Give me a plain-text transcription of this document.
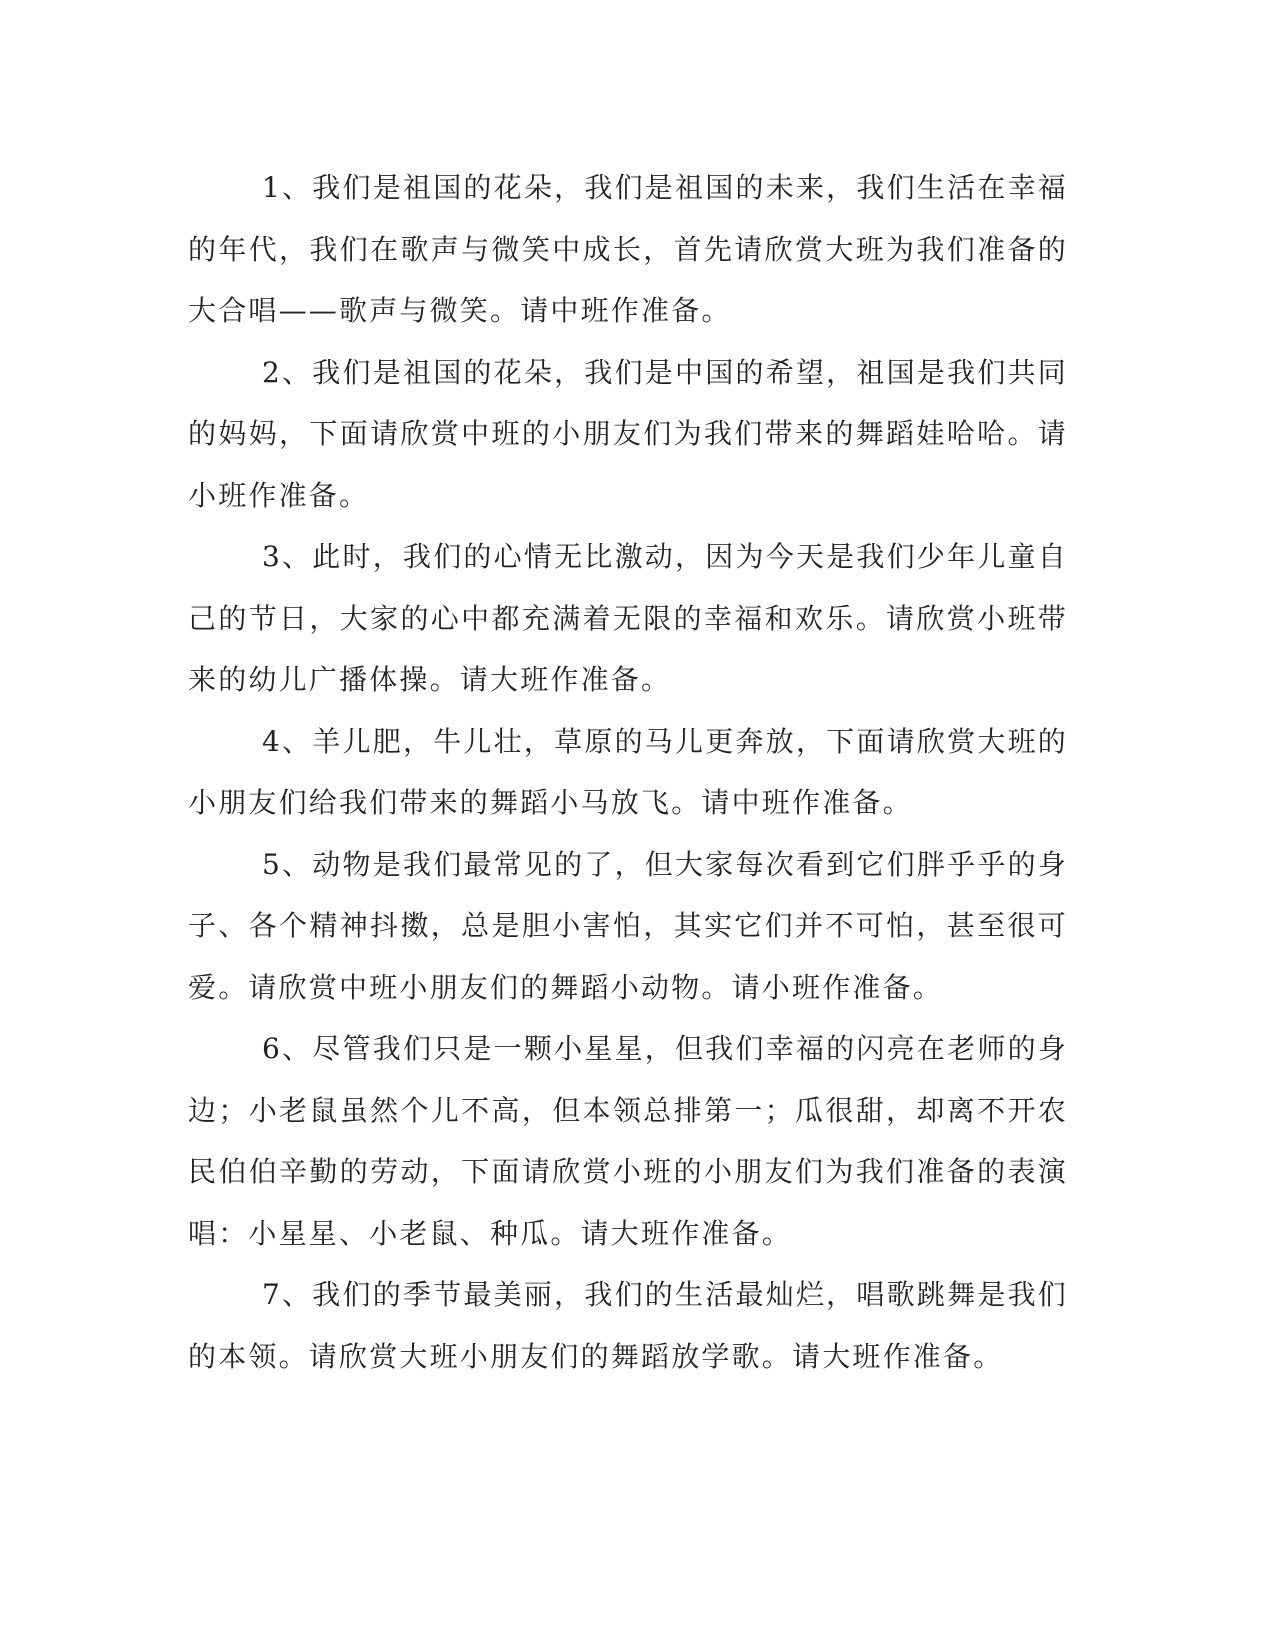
1、我们是祖国的花朵，我们是祖国的未来，我们生活在幸福的年代，我们在歌声与微笑中成长，首先请欣赏大班为我们准备的大合唱——歌声与微笑。请中班作准备。

2、我们是祖国的花朵，我们是中国的希望，祖国是我们共同的妈妈，下面请欣赏中班的小朋友们为我们带来的舞蹈娃哈哈。请小班作准备。

3、此时，我们的心情无比激动，因为今天是我们少年儿童自己的节日，大家的心中都充满着无限的幸福和欢乐。请欣赏小班带来的幼儿广播体操。请大班作准备。

4、羊儿肥，牛儿壮，草原的马儿更奔放，下面请欣赏大班的小朋友们给我们带来的舞蹈小马放飞。请中班作准备。

5、动物是我们最常见的了，但大家每次看到它们胖乎乎的身子、各个精神抖擞，总是胆小害怕，其实它们并不可怕，甚至很可爱。请欣赏中班小朋友们的舞蹈小动物。请小班作准备。

6、尽管我们只是一颗小星星，但我们幸福的闪亮在老师的身边；小老鼠虽然个儿不高，但本领总排第一；瓜很甜，却离不开农民伯伯辛勤的劳动，下面请欣赏小班的小朋友们为我们准备的表演唱：小星星、小老鼠、种瓜。请大班作准备。

7、我们的季节最美丽，我们的生活最灿烂，唱歌跳舞是我们的本领。请欣赏大班小朋友们的舞蹈放学歌。请大班作准备。
